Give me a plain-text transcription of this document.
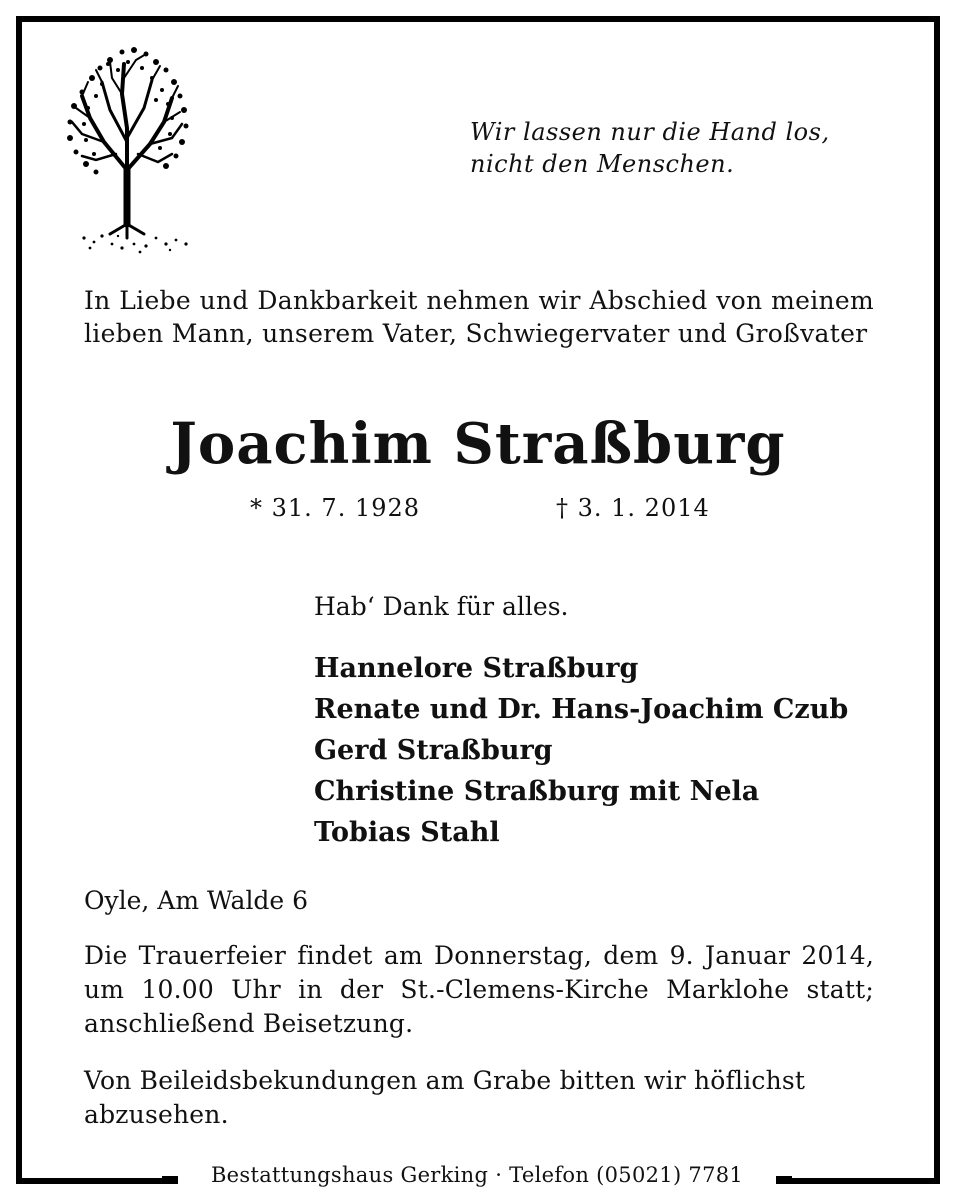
Wir lassen nur die Hand los,
nicht den Menschen.
In Liebe und Dankbarkeit nehmen wir Abschied von meinem lieben Mann, unserem Vater, Schwiegervater und Großvater
Joachim Straßburg
* 31. 7. 1928	† 3. 1. 2014
Hab‘ Dank für alles.
Hannelore Straßburg
Renate und Dr. Hans-Joachim Czub
Gerd Straßburg
Christine Straßburg mit Nela
Tobias Stahl
Oyle, Am Walde 6
Die Trauerfeier findet am Donnerstag, dem 9. Januar 2014, um 10.00 Uhr in der St.-Clemens-Kirche Marklohe statt; anschließend Beisetzung.
Von Beileidsbekundungen am Grabe bitten wir höflichst abzusehen.
Bestattungshaus Gerking · Telefon (05021) 7781
